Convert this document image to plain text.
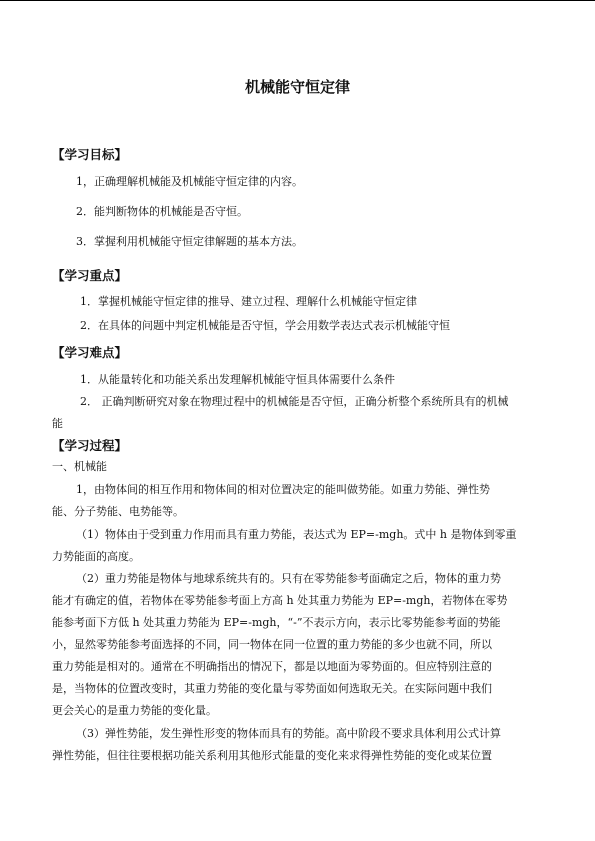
机械能守恒定律
【学习目标】
1，正确理解机械能及机械能守恒定律的内容。
2．能判断物体的机械能是否守恒。
3．掌握利用机械能守恒定律解题的基本方法。
【学习重点】
1．掌握机械能守恒定律的推导、建立过程、理解什么机械能守恒定律
2．在具体的问题中判定机械能是否守恒，学会用数学表达式表示机械能守恒
【学习难点】
1．从能量转化和功能关系出发理解机械能守恒具体需要什么条件
2． 正确判断研究对象在物理过程中的机械能是否守恒，正确分析整个系统所具有的机械
能
【学习过程】
一、机械能
1，由物体间的相互作用和物体间的相对位置决定的能叫做势能。如重力势能、弹性势
能、分子势能、电势能等。
（1）物体由于受到重力作用而具有重力势能，表达式为 EP=-mgh。式中 h 是物体到零重
力势能面的高度。
（2）重力势能是物体与地球系统共有的。只有在零势能参考面确定之后，物体的重力势
能才有确定的值，若物体在零势能参考面上方高 h 处其重力势能为 EP=-mgh，若物体在零势
能参考面下方低 h 处其重力势能为 EP=-mgh，“-”不表示方向，表示比零势能参考面的势能
小，显然零势能参考面选择的不同，同一物体在同一位置的重力势能的多少也就不同，所以
重力势能是相对的。通常在不明确指出的情况下，都是以地面为零势面的。但应特别注意的
是，当物体的位置改变时，其重力势能的变化量与零势面如何选取无关。在实际问题中我们
更会关心的是重力势能的变化量。
（3）弹性势能，发生弹性形变的物体而具有的势能。高中阶段不要求具体利用公式计算
弹性势能，但往往要根据功能关系利用其他形式能量的变化来求得弹性势能的变化或某位置
